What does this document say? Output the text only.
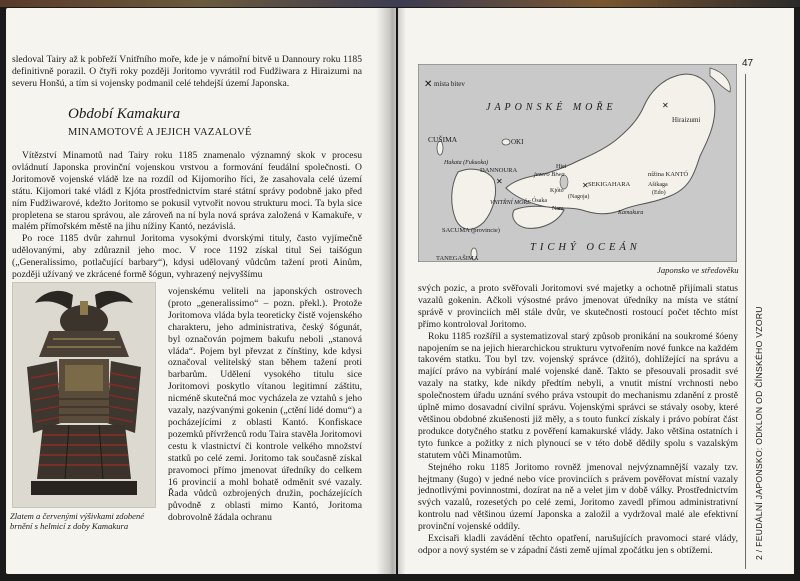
sledoval Tairy až k pobřeží Vnitřního moře, kde je v námořní bitvě u Dannoury roku 1185 definitivně porazil. O čtyři roky později Joritomo vyvrátil rod Fudžiwara z Hiraizumi na severu Honšú, a tím si vojensky podmanil celé tehdejší území Japonska.

Období Kamakura
MINAMOTOVÉ A JEJICH VAZALOVÉ

Vítězství Minamotů nad Tairy roku 1185 znamenalo významný skok v procesu ovládnutí Japonska provinční vojenskou vrstvou a formování feudální společnosti. O Joritomově vojenské vládě lze na rozdíl od Kijomoriho říci, že zasahovala celé území státu. Kijomori také vládl z Kjóta prostřednictvím staré státní správy podobně jako před ním Fudžiwarové, kdežto Joritomo se pokusil vytvořit novou strukturu moci. Ta byla sice propletena se starou správou, ale zároveň na ní byla nová správa založená v Kamakuře, v malém přímořském městě na jihu nížiny Kantó, nezávislá.

Po roce 1185 dvůr zahrnul Joritoma vysokými dvorskými tituly, často vyjímečně udělovanými, aby zdůraznil jeho moc. V roce 1192 získal titul Sei taišógun („Generalissimo, potlačující barbary“), kdysi udělovaný vůdcům tažení proti Ainům, později užívaný ve zkrácené formě šógun, vyhrazený nejvyššímu

vojenskému veliteli na japonských ostrovech (proto „generalissimo“ – pozn. překl.). Protože Joritomova vláda byla teoreticky čistě vojenského charakteru, jeho administrativa, český šógunát, byl označován pojmem bakufu neboli „stanová vláda“. Pojem byl převzat z čínštiny, kde kdysi označoval velitelský stan během tažení proti barbarům. Udělení vysokého titulu sice Joritomovi poskytlo vítanou legitimní záštitu, nicméně skutečná moc vycházela ze vztahů s jeho vazaly, nazývanými gokenin („ctění lidé domu“) a pocházejícími z oblasti Kantó. Konfiskace pozemků přívrženců rodu Taira stavěla Joritomovi cestu k vlastnictví či kontrole velkého množství statků po celé zemi. Joritomo tak současně získal pravomoci přímo jmenovat úředníky do celkem 16 provincií a mohl bohatě odměnit své vazaly. Řada vůdců ozbrojených družin, pocházejících původně z oblasti mimo Kantó, Joritoma dobrovolně žádala ochranu

Zlatem a červenými výšivkami zdobené brnění s helmicí z doby Kamakura
47
2 / FEUDÁLNÍ JAPONSKO: ODKLON OD ČÍNSKÉHO VZORU
✕
✕	✕
✕
místa bitev
JAPONSKÉ MOŘE
TICHÝ OCEÁN
Hiraizumi
OKI
CUŠIMA
Hakata (Fukuoka)
DANNOURA
jezero Biwa
SEKIGAHARA
nížina KANTÓ
Ašikaga
(Edo)
VNITŘNÍ MOŘE
Kjóto
(Nagoja)
Nara
Ósaka
Kamakura
Hiei
SACUMA (provincie)
TANEGAŠIMA
Japonsko ve středověku

svých pozic, a proto svěřovali Joritomovi své majetky a ochotně přijímali status vazalů gokenin. Ačkoli výsostné právo jmenovat úředníky na místa ve státní správě v provinciích měl stále dvůr, ve skutečnosti rostoucí počet těchto míst přímo kontroloval Joritomo.

Roku 1185 rozšířil a systematizoval starý způsob pronikání na soukromé šóeny napojením se na jejich hierarchickou strukturu vytvořením nové funkce na každém takovém statku. Tou byl tzv. vojenský správce (džitó), dohlížející na správu a mající právo na vybírání malé vojenské daně. Takto se přesouvali prosadit své vazaly na statky, kde nikdy předtím nebyli, a vnutit místní vrchnosti nebo společnostem úřadu uznání svého práva vstoupit do mechanismu zdanění z prostě úplně mimo dosavadní civilní správu. Vojenskými správci se stávaly osoby, které většinou obdobné zkušenosti již měly, a s touto funkcí získaly i právo pobírat část produkce dotyčného statku z pověření kamakurské vlády. Jako většina ostatních i tyto funkce a požitky z nich plynoucí se v této době dědily spolu s vazalským statutem vůči Minamotům.

Stejného roku 1185 Joritomo rovněž jmenoval nejvýznamnější vazaly tzv. hejtmany (šugo) v jedné nebo více provinciích s právem pověřovat místní vazaly jednotlivými povinnostmi, dozírat na ně a velet jim v době války. Prostřednictvím svých vazalů, rozesetých po celé zemi, Joritomo zavedl přímou administrativní kontrolu nad většinou území Japonska a založil a vydržoval malé ale efektivní provinční vojenské oddíly.

Excisaři kladli zavádění těchto opatření, narušujících pravomoci staré vlády, odpor a nový systém se v západní části země ujímal zpočátku jen s obtížemi.
